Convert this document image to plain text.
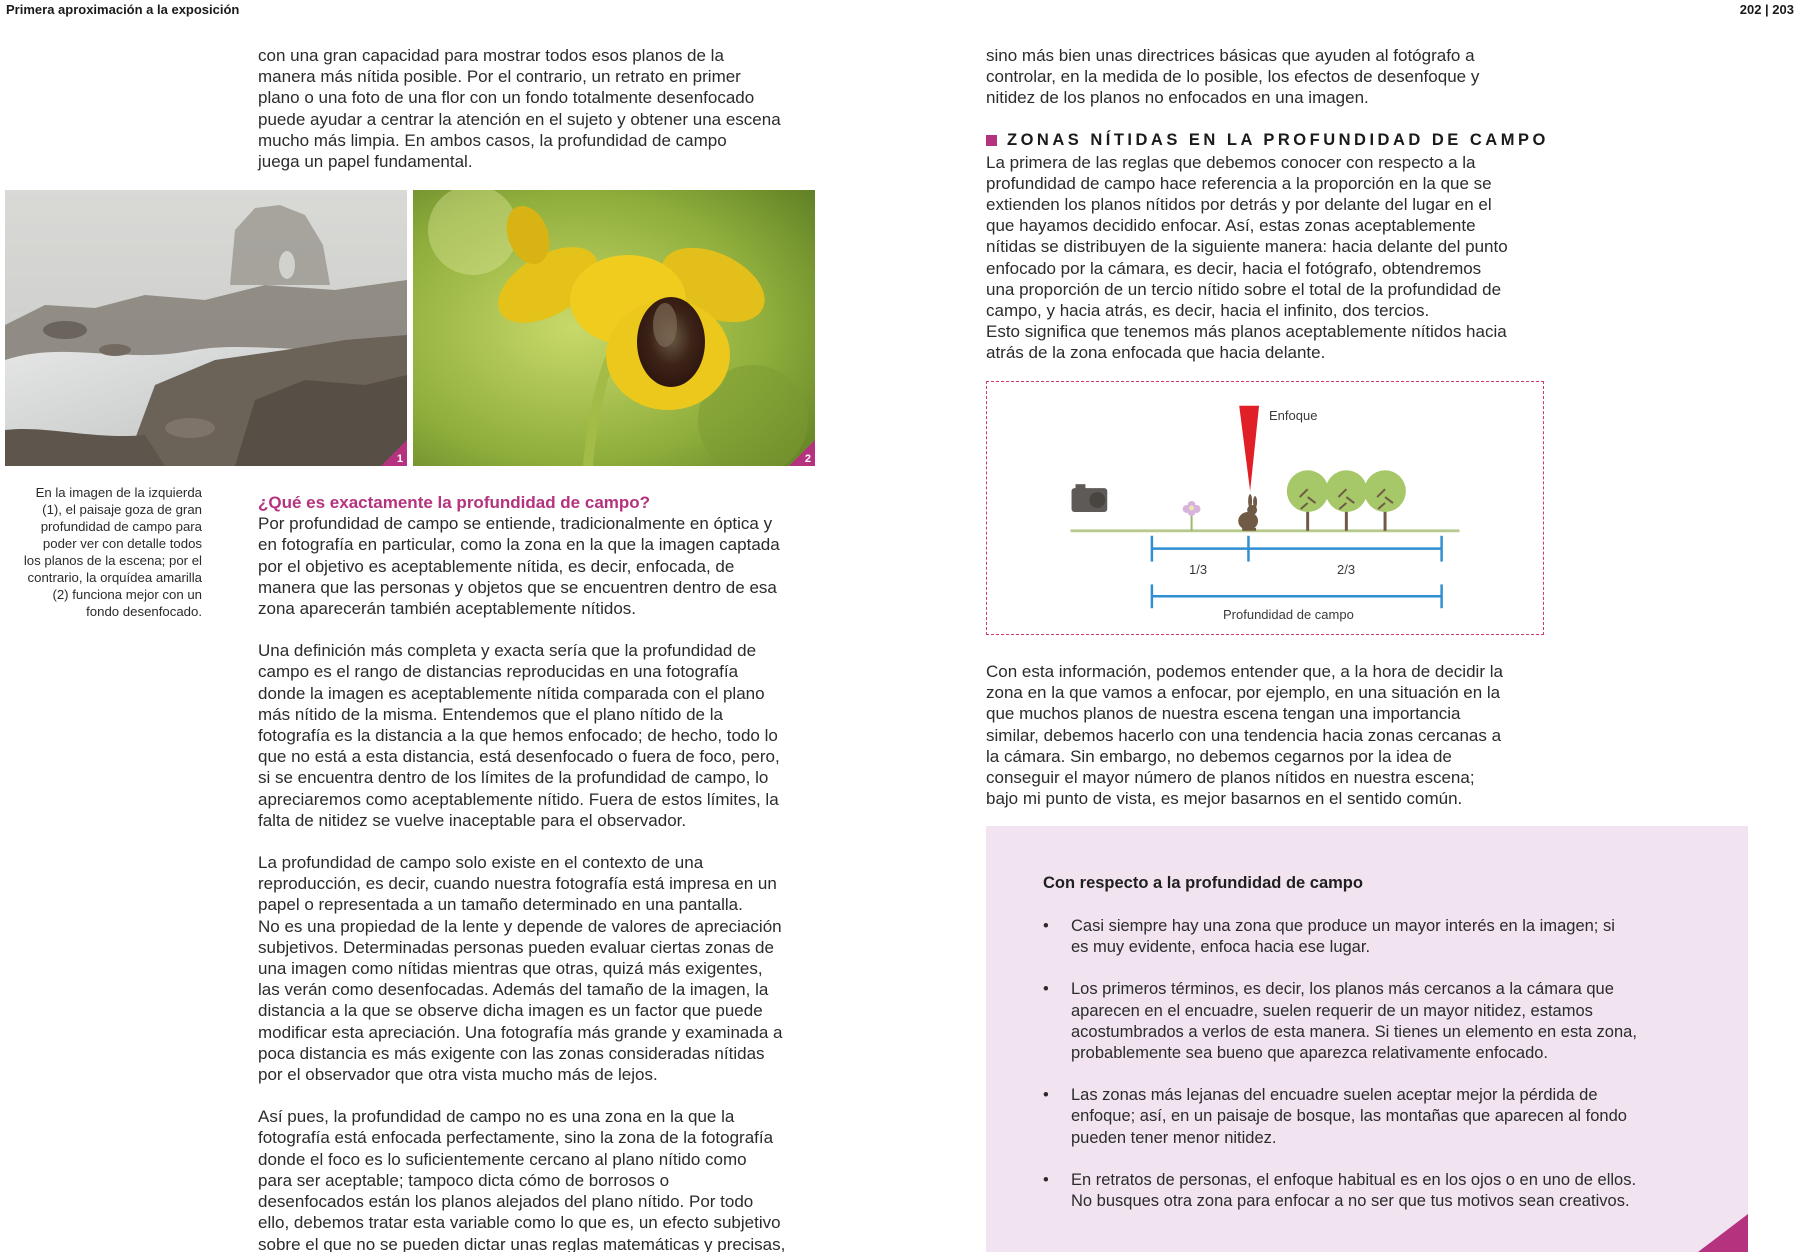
Primera aproximación a la exposición	202 | 203

con una gran capacidad para mostrar todos esos planos de la

manera más nítida posible. Por el contrario, un retrato en primer

plano o una foto de una flor con un fondo totalmente desenfocado

puede ayudar a centrar la atención en el sujeto y obtener una escena

mucho más limpia. En ambos casos, la profundidad de campo

juega un papel fundamental.

1	2
En la imagen de la izquierda
(1), el paisaje goza de gran
profundidad de campo para
poder ver con detalle todos
los planos de la escena; por el
contrario, la orquídea amarilla
(2) funciona mejor con un
fondo desenfocado.

¿Qué es exactamente la profundidad de campo?

Por profundidad de campo se entiende, tradicionalmente en óptica y

en fotografía en particular, como la zona en la que la imagen captada

por el objetivo es aceptablemente nítida, es decir, enfocada, de

manera que las personas y objetos que se encuentren dentro de esa

zona aparecerán también aceptablemente nítidos.

Una definición más completa y exacta sería que la profundidad de

campo es el rango de distancias reproducidas en una fotografía

donde la imagen es aceptablemente nítida comparada con el plano

más nítido de la misma. Entendemos que el plano nítido de la

fotografía es la distancia a la que hemos enfocado; de hecho, todo lo

que no está a esta distancia, está desenfocado o fuera de foco, pero,

si se encuentra dentro de los límites de la profundidad de campo, lo

apreciaremos como aceptablemente nítido. Fuera de estos límites, la

falta de nitidez se vuelve inaceptable para el observador.

La profundidad de campo solo existe en el contexto de una

reproducción, es decir, cuando nuestra fotografía está impresa en un

papel o representada a un tamaño determinado en una pantalla.

No es una propiedad de la lente y depende de valores de apreciación

subjetivos. Determinadas personas pueden evaluar ciertas zonas de

una imagen como nítidas mientras que otras, quizá más exigentes,

las verán como desenfocadas. Además del tamaño de la imagen, la

distancia a la que se observe dicha imagen es un factor que puede

modificar esta apreciación. Una fotografía más grande y examinada a

poca distancia es más exigente con las zonas consideradas nítidas

por el observador que otra vista mucho más de lejos.

Así pues, la profundidad de campo no es una zona en la que la

fotografía está enfocada perfectamente, sino la zona de la fotografía

donde el foco es lo suficientemente cercano al plano nítido como

para ser aceptable; tampoco dicta cómo de borrosos o

desenfocados están los planos alejados del plano nítido. Por todo

ello, debemos tratar esta variable como lo que es, un efecto subjetivo

sobre el que no se pueden dictar unas reglas matemáticas y precisas,

sino más bien unas directrices básicas que ayuden al fotógrafo a

controlar, en la medida de lo posible, los efectos de desenfoque y

nitidez de los planos no enfocados en una imagen.

ZONAS NÍTIDAS EN LA PROFUNDIDAD DE CAMPO

La primera de las reglas que debemos conocer con respecto a la

profundidad de campo hace referencia a la proporción en la que se

extienden los planos nítidos por detrás y por delante del lugar en el

que hayamos decidido enfocar. Así, estas zonas aceptablemente

nítidas se distribuyen de la siguiente manera: hacia delante del punto

enfocado por la cámara, es decir, hacia el fotógrafo, obtendremos

una proporción de un tercio nítido sobre el total de la profundidad de

campo, y hacia atrás, es decir, hacia el infinito, dos tercios.

Esto significa que tenemos más planos aceptablemente nítidos hacia

atrás de la zona enfocada que hacia delante.

Enfoque
1/3	2/3
Profundidad de campo

Con esta información, podemos entender que, a la hora de decidir la

zona en la que vamos a enfocar, por ejemplo, en una situación en la

que muchos planos de nuestra escena tengan una importancia

similar, debemos hacerlo con una tendencia hacia zonas cercanas a

la cámara. Sin embargo, no debemos cegarnos por la idea de

conseguir el mayor número de planos nítidos en nuestra escena;

bajo mi punto de vista, es mejor basarnos en el sentido común.

Con respecto a la profundidad de campo
• Casi siempre hay una zona que produce un mayor interés en la imagen; si
es muy evidente, enfoca hacia ese lugar.
• Los primeros términos, es decir, los planos más cercanos a la cámara que
aparecen en el encuadre, suelen requerir de un mayor nitidez, estamos
acostumbrados a verlos de esta manera. Si tienes un elemento en esta zona,
probablemente sea bueno que aparezca relativamente enfocado.
• Las zonas más lejanas del encuadre suelen aceptar mejor la pérdida de
enfoque; así, en un paisaje de bosque, las montañas que aparecen al fondo
pueden tener menor nitidez.
• En retratos de personas, el enfoque habitual es en los ojos o en uno de ellos.
No busques otra zona para enfocar a no ser que tus motivos sean creativos.
